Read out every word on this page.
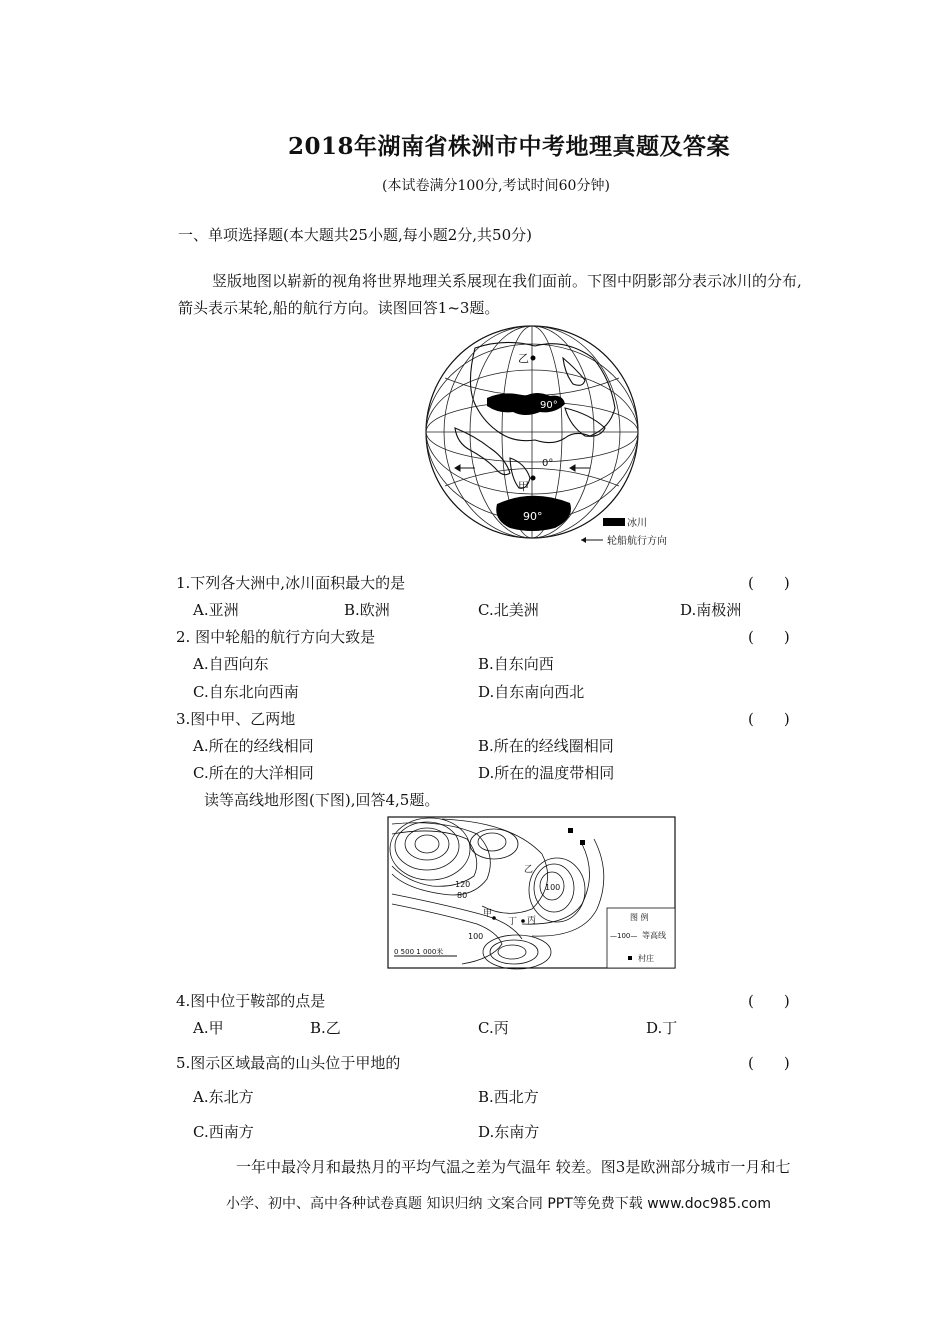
2018年湖南省株洲市中考地理真题及答案
(本试卷满分100分,考试时间60分钟)
一、单项选择题(本大题共25小题,每小题2分,共50分)
竖版地图以崭新的视角将世界地理关系展现在我们面前。下图中阴影部分表示冰川的分布,
箭头表示某轮,船的航行方向。读图回答1~3题。
乙
甲
90°
0°
90°
冰川
轮船航行方向
1.下列各大洲中,冰川面积最大的是	(　　)
A.亚洲	B.欧洲	C.北美洲	D.南极洲
2. 图中轮船的航行方向大致是	(　　)
A.自西向东	B.自东向西
C.自东北向西南	D.自东南向西北
3.图中甲、乙两地	(　　)
A.所在的经线相同	B.所在的经线圈相同
C.所在的大洋相同	D.所在的温度带相同
读等高线地形图(下图),回答4,5题。
120
80
100
100
甲
乙
丙
丁
0 500 1 000米
图 例
—100— 等高线
村庄
4.图中位于鞍部的点是	(　　)
A.甲	B.乙	C.丙	D.丁
5.图示区域最高的山头位于甲地的	(　　)
A.东北方	B.西北方
C.西南方	D.东南方
一年中最冷月和最热月的平均气温之差为气温年 较差。图3是欧洲部分城市一月和七
小学、初中、高中各种试卷真题 知识归纳 文案合同 PPT等免费下载 www.doc985.com
